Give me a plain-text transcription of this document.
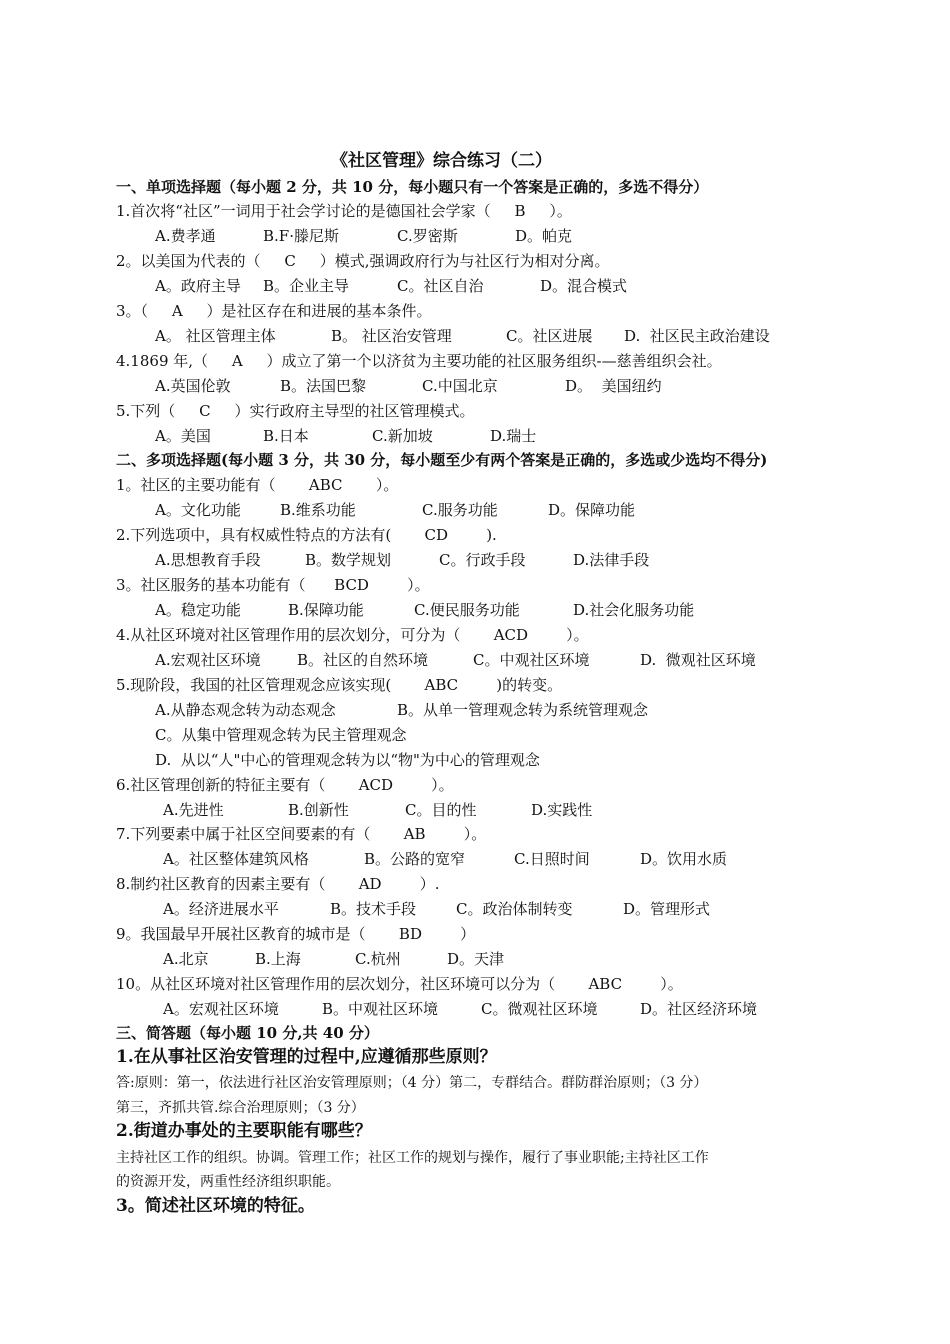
《社区管理》综合练习（二）
一、单项选择题（每小题 2 分，共 10 分，每小题只有一个答案是正确的，多选不得分）
1.首次将“社区”一词用于社会学讨论的是德国社会学家（     B     ）。
A.费孝通	B.F·滕尼斯	C.罗密斯	D。帕克
2。以美国为代表的（     C     ）模式,强调政府行为与社区行为相对分离。
A。政府主导 B。企业主导	C。社区自治	D。混合模式
3。（     A     ）是社区存在和进展的基本条件。
A。 社区管理主体	B。 社区治安管理	C。社区进展 D.  社区民主政治建设
4.1869 年,（     A     ）成立了第一个以济贫为主要功能的社区服务组织-—慈善组织会社。
A.英国伦敦	B。法国巴黎	C.中国北京	D。  美国纽约
5.下列（     C     ）实行政府主导型的社区管理模式。
A。美国	B.日本	C.新加坡	D.瑞士
二、多项选择题(每小题 3 分，共 30 分，每小题至少有两个答案是正确的，多选或少选均不得分)
1。社区的主要功能有（       ABC       ）。
A。文化功能	B.维系功能	C.服务功能	D。保障功能
2.下列选项中，具有权威性特点的方法有(       CD        ).
A.思想教育手段	B。数学规划	C。行政手段	D.法律手段
3。社区服务的基本功能有（      BCD        ）。
A。稳定功能	B.保障功能	C.便民服务功能	D.社会化服务功能
4.从社区环境对社区管理作用的层次划分，可分为（       ACD        ）。
A.宏观社区环境 B。社区的自然环境	C。中观社区环境	D.  微观社区环境
5.现阶段，我国的社区管理观念应该实现(       ABC        )的转变。
A.从静态观念转为动态观念	B。从单一管理观念转为系统管理观念
C。从集中管理观念转为民主管理观念
D.  从以“人"中心的管理观念转为以“物"为中心的管理观念
6.社区管理创新的特征主要有（       ACD        ）。
A.先进性	B.创新性	C。目的性	D.实践性
7.下列要素中属于社区空间要素的有（       AB        ）。
A。社区整体建筑风格	B。公路的宽窄	C.日照时间	D。饮用水质
8.制约社区教育的因素主要有（       AD        ）.
A。经济进展水平	B。技术手段	C。政治体制转变	D。管理形式
9。我国最早开展社区教育的城市是（       BD        ）
A.北京	B.上海	C.杭州	D。天津
10。从社区环境对社区管理作用的层次划分，社区环境可以分为（       ABC        ）。
A。宏观社区环境	B。中观社区环境	C。微观社区环境	D。社区经济环境
三、简答题（每小题 10 分,共 40 分）
1.在从事社区治安管理的过程中,应遵循那些原则？
答:原则：第一，依法进行社区治安管理原则；（4 分）第二，专群结合。群防群治原则；（3 分）
第三，齐抓共管.综合治理原则；（3 分）
2.街道办事处的主要职能有哪些？
主持社区工作的组织。协调。管理工作；社区工作的规划与操作，履行了事业职能;主持社区工作
的资源开发，两重性经济组织职能。
3。简述社区环境的特征。
